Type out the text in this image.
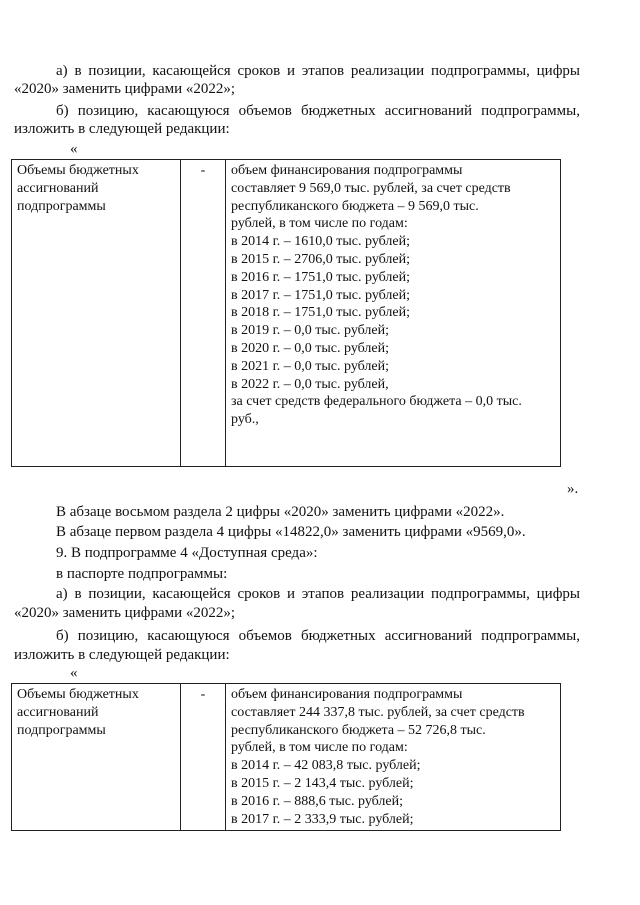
а) в позиции, касающейся сроков и этапов реализации подпрограммы, цифры
«2020» заменить цифрами «2022»;
б) позицию, касающуюся объемов бюджетных ассигнований подпрограммы,
изложить в следующей редакции:
«
Объемы бюджетных
ассигнований
подпрограммы
	-	объем финансирования подпрограммы
составляет 9 569,0 тыс. рублей, за счет средств
республиканского бюджета – 9 569,0 тыс.
рублей, в том числе по годам:
в 2014 г. – 1610,0 тыс. рублей;
в 2015 г. – 2706,0 тыс. рублей;
в 2016 г. – 1751,0 тыс. рублей;
в 2017 г. – 1751,0 тыс. рублей;
в 2018 г. – 1751,0 тыс. рублей;
в 2019 г. – 0,0 тыс. рублей;
в 2020 г. – 0,0 тыс. рублей;
в 2021 г. – 0,0 тыс. рублей;
в 2022 г. – 0,0 тыс. рублей,
за счет средств федерального бюджета – 0,0 тыс.
руб.,
».
В абзаце восьмом раздела 2 цифры «2020» заменить цифрами «2022».
В абзаце первом раздела 4 цифры «14822,0» заменить цифрами «9569,0».
9. В подпрограмме 4 «Доступная среда»:
в паспорте подпрограммы:
а) в позиции, касающейся сроков и этапов реализации подпрограммы, цифры
«2020» заменить цифрами «2022»;
б) позицию, касающуюся объемов бюджетных ассигнований подпрограммы,
изложить в следующей редакции:
«
Объемы бюджетных
ассигнований
подпрограммы
	-	объем финансирования подпрограммы
составляет 244 337,8 тыс. рублей, за счет средств
республиканского бюджета – 52 726,8 тыс.
рублей, в том числе по годам:
в 2014 г. – 42 083,8 тыс. рублей;
в 2015 г. – 2 143,4 тыс. рублей;
в 2016 г. – 888,6 тыс. рублей;
в 2017 г. – 2 333,9 тыс. рублей;
